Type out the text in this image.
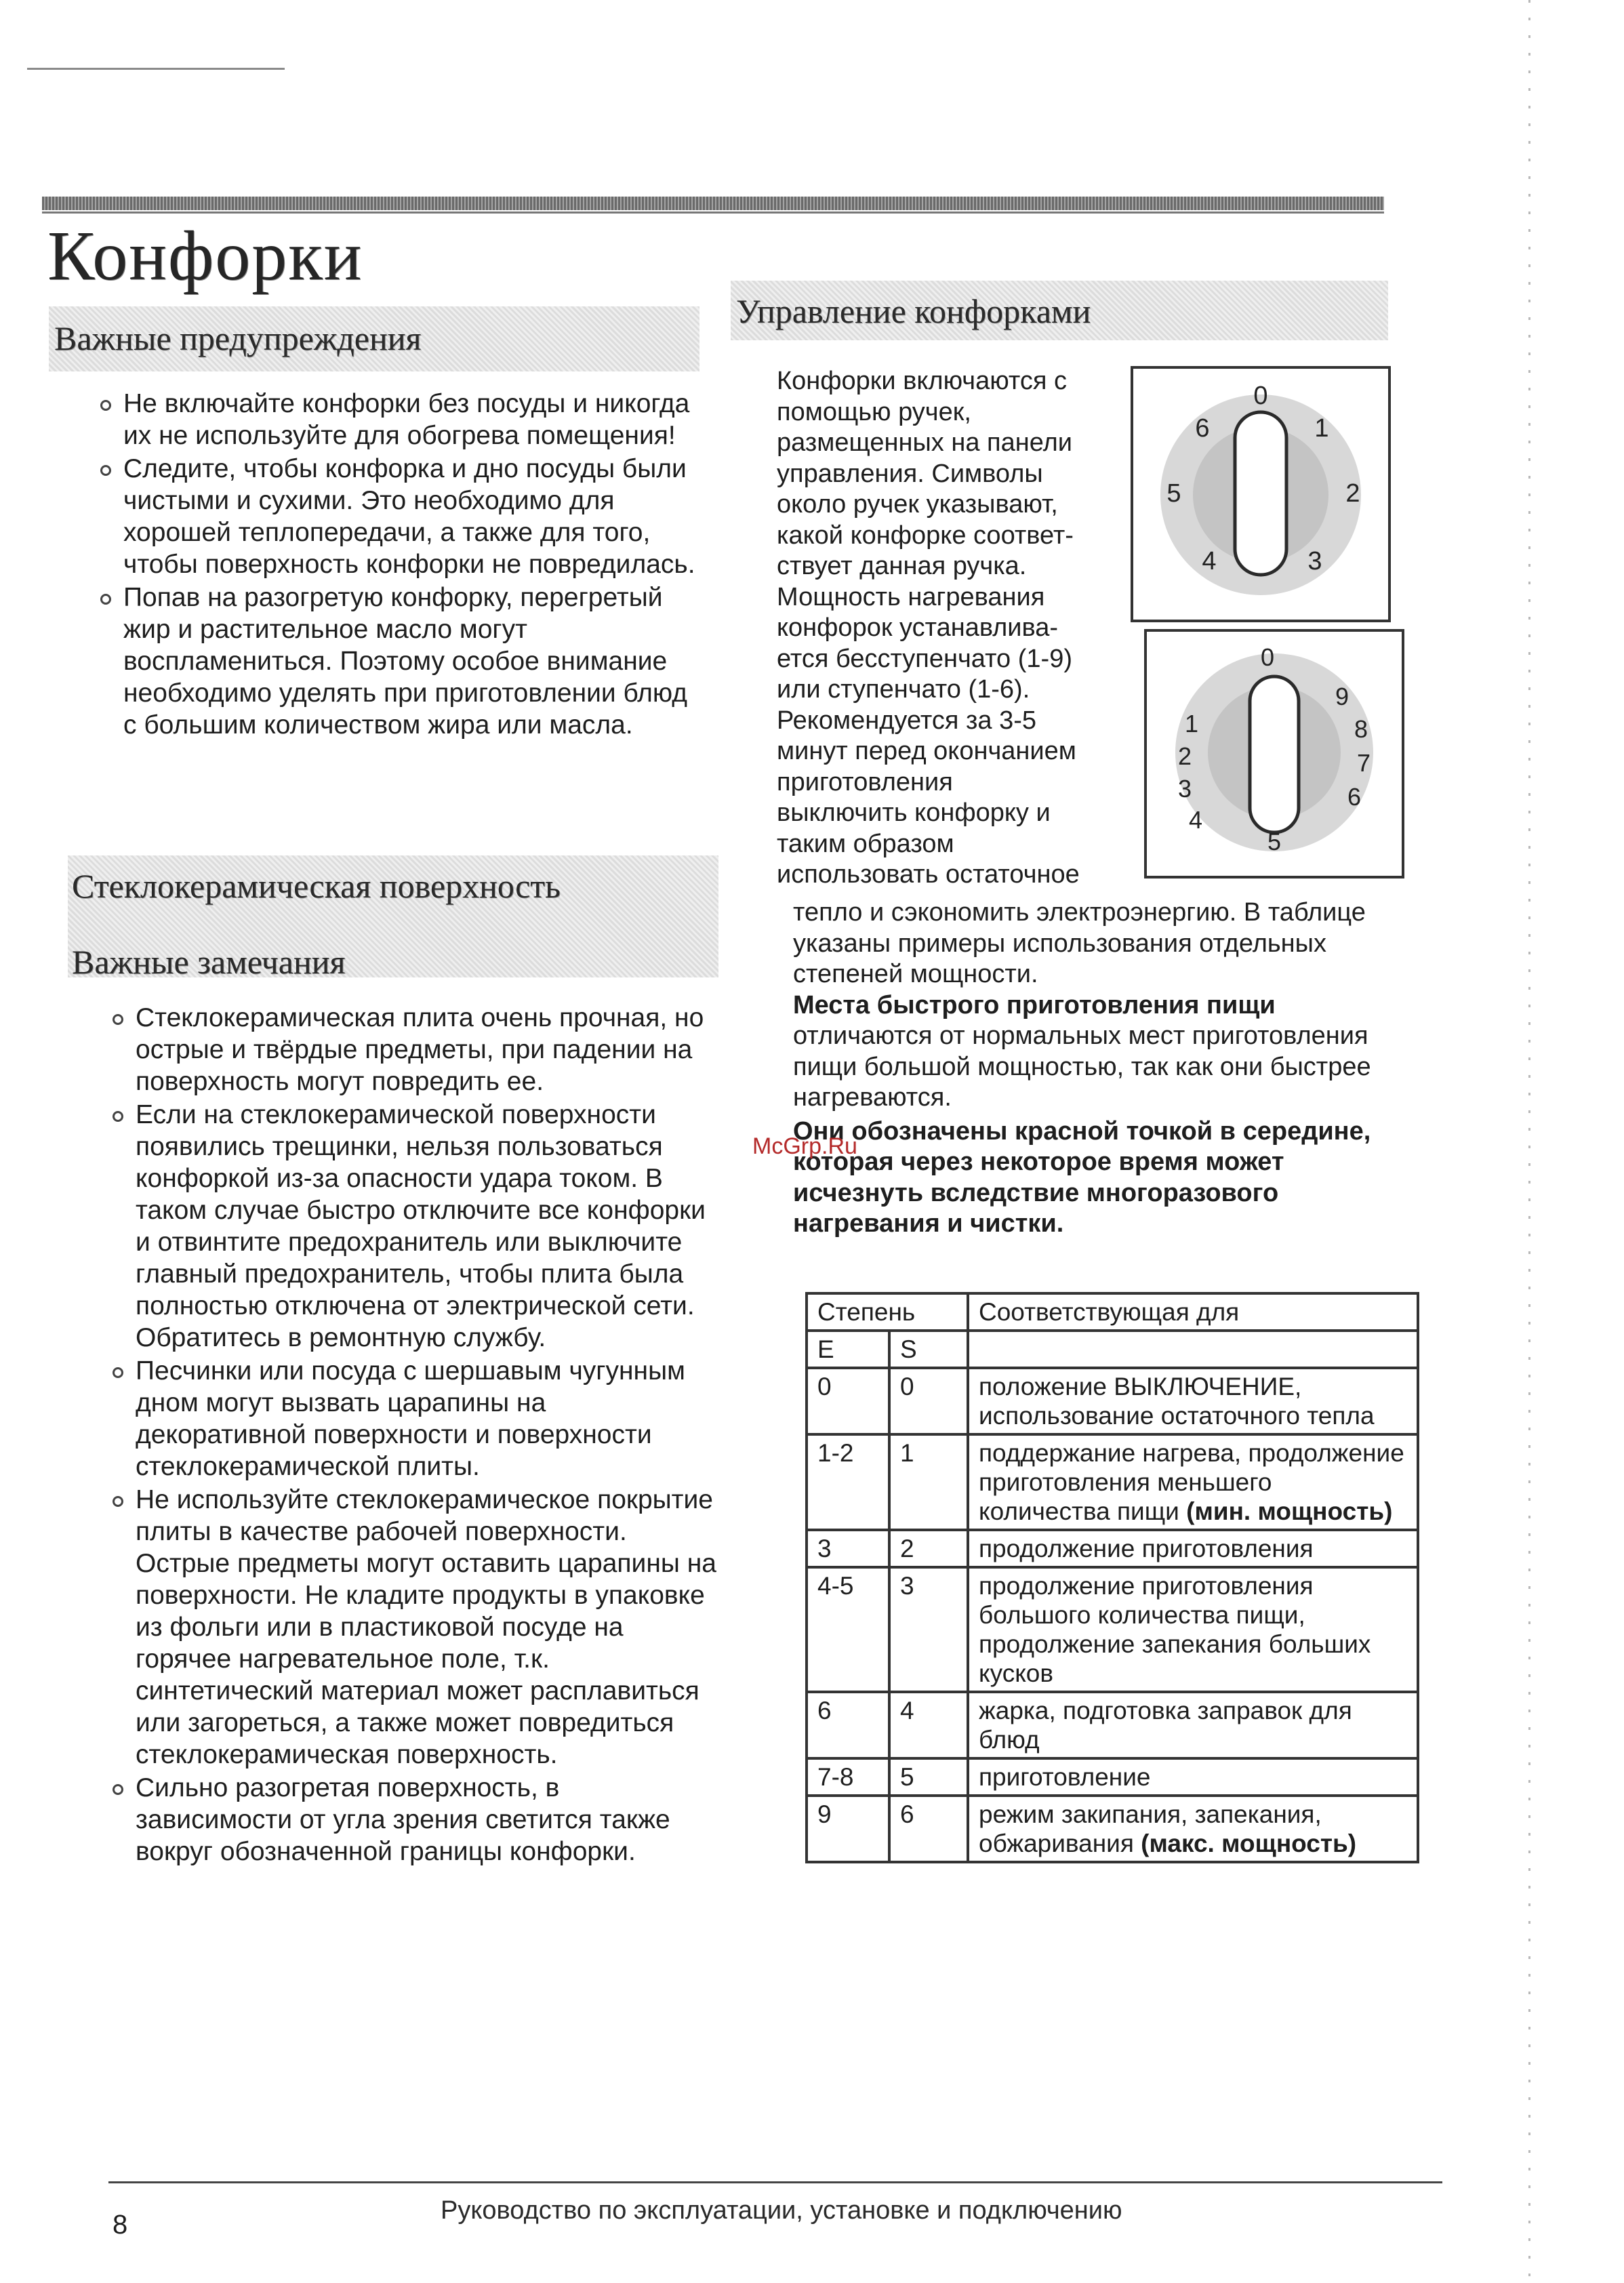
Конфорки
Важные предупреждения
Не включайте конфорки без посуды и никогда их не используйте для обогрева помещения!
Следите, чтобы конфорка и дно посуды были чистыми и сухими. Это необходимо для хорошей теплопередачи, а также для того, чтобы поверхность конфорки не повредилась.
Попав на разогретую конфорку, перегретый жир и растительное масло могут воспламениться. Поэтому особое внимание необходимо уделять при приготовлении блюд с большим количеством жира или масла.
Стеклокерамическая поверхность
Важные замечания
Стеклокерамическая плита очень прочная, но острые и твёрдые предметы, при падении на поверхность могут повредить ее.
Если на стеклокерамической поверхности появились трещинки, нельзя пользоваться конфоркой из-за опасности удара током. В таком случае быстро отключите все конфорки и отвинтите предохранитель или выключите главный предохранитель, чтобы плита была полностью отключена от электрической сети. Обратитесь в ремонтную службу.
Песчинки или посуда с шершавым чугунным дном могут вызвать царапины на декоративной поверхности и поверхности стеклокерамической плиты.
Не используйте стеклокерамическое покрытие плиты в качестве рабочей поверхности. Острые предметы могут оставить царапины на поверхности. Не кладите продукты в упаковке из фольги или в пластиковой посуде на горячее нагревательное поле, т.к. синтетический материал может расплавиться или загореться, а также может повредиться стеклокерамическая поверхность.
Сильно разогретая поверхность, в зависимости от угла зрения светится также вокруг обозначенной границы конфорки.
Управление конфорками
Конфорки включаются с
помощью ручек,
размещенных на панели
управления. Символы
около ручек указывают,
какой конфорке соответ-
ствует данная ручка.
Мощность нагревания
конфорок устанавлива-
ется бесступенчато (1-9)
или ступенчато (1-6).
Рекомендуется за 3-5
минут перед окончанием
приготовления
выключить конфорку и
таким образом
использовать остаточное
0
1
2
3
4
5
6
0
9
8
7
6
5
4
3
2
1
тепло и сэкономить электроэнергию. В таблице указаны примеры использования отдельных степеней мощности.
Места быстрого приготовления пищи
отличаются от нормальных мест приготовления пищи большой мощностью, так как они быстрее нагреваются.
Они обозначены красной точкой в середине, которая через некоторое время может исчезнуть вследствие многоразового нагревания и чистки.
McGrp.Ru
Степень		Соответствующая для
E	S	
0	0	положение ВЫКЛЮЧЕНИЕ, использование остаточного тепла
1-2	1	поддержание нагрева, продолжение приготовления меньшего количества пищи (мин. мощность)
3	2	продолжение приготовления
4-5	3	продолжение приготовления большого количества пищи, продолжение запекания больших кусков
6	4	жарка, подготовка заправок для блюд
7-8	5	приготовление
9	6	режим закипания, запекания, обжаривания (макс. мощность)
8	Руководство по эксплуатации, установке и подключению
